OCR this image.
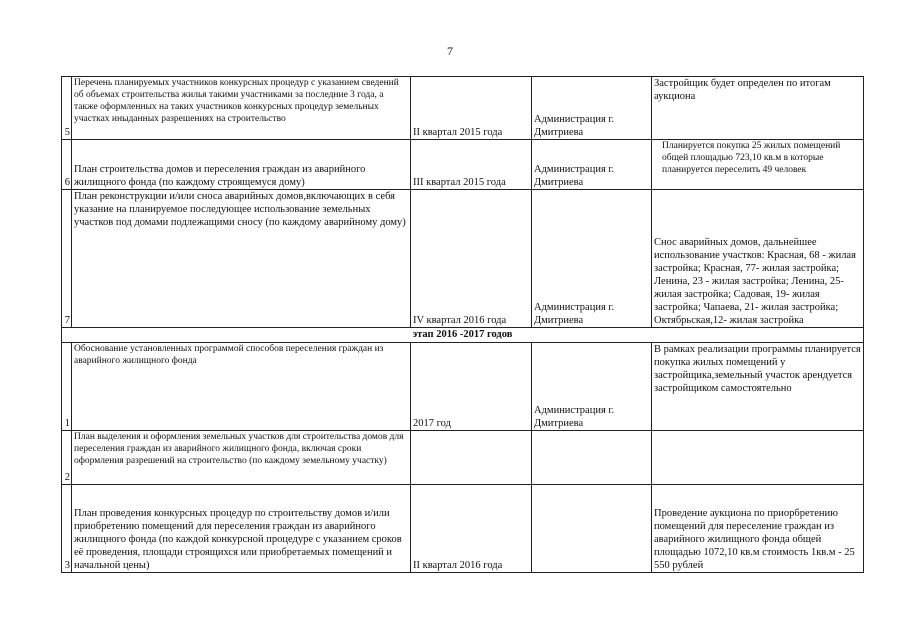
7
5	Перечень планируемых участников конкурсных процедур с указанием сведений об объемах строительства жилья такими участниками за последние 3 года, а также оформленных на таких участников конкурсных процедур земельных участках иныданных разрешениях на строительство	II квартал 2015 года	Администрация г. Дмитриева	Застройщик будет определен по итогам аукциона
6	План строительства домов и переселения граждан из аварийного жилищного фонда (по каждому строящемуся дому)	III квартал 2015 года	Администрация г. Дмитриева	Планируется покупка 25 жилых помещений общей площадью 723,10 кв.м в которые планируется переселить 49 человек
7	План реконструкции и/или сноса аварийных домов,включающих в себя указание на планируемое последующее использование земельных участков под домами подлежащими сносу (по каждому аварийному дому)	IV квартал 2016 года	Администрация г. Дмитриева	Снос аварийных домов, дальнейшее использование участков: Красная, 68 - жилая застройка; Красная, 77- жилая застройка; Ленина, 23 - жилая застройка; Ленина, 25- жилая застройка; Садовая, 19- жилая застройка; Чапаева, 21- жилая застройка; Октябрьская,12- жилая застройка
этап 2016 -2017 годов				
1	Обоснование установленных программой способов переселения граждан из аварийного жилищного фонда	2017 год	Администрация г. Дмитриева	В рамках реализации программы планируется покупка жилых помещений у застройщика,земельный участок арендуется застройщиком самостоятельно
2	План выделения и оформления земельных участков для строительства домов для переселения граждан из аварийного жилищного фонда, включая сроки оформления разрешений на строительство (по каждому земельному участку)			
3	План проведения конкурсных процедур по строительству домов и/или приобретению помещений для переселения граждан из аварийного жилищного фонда (по каждой конкурсной процедуре с указанием сроков её проведения, площади строящихся или приобретаемых помещений и начальной цены)	II квартал 2016 года		Проведение аукциона по приорбретению помещений для переселение граждан из аварийного жилищного фонда общей площадью 1072,10 кв.м стоимость 1кв.м - 25 550 рублей
